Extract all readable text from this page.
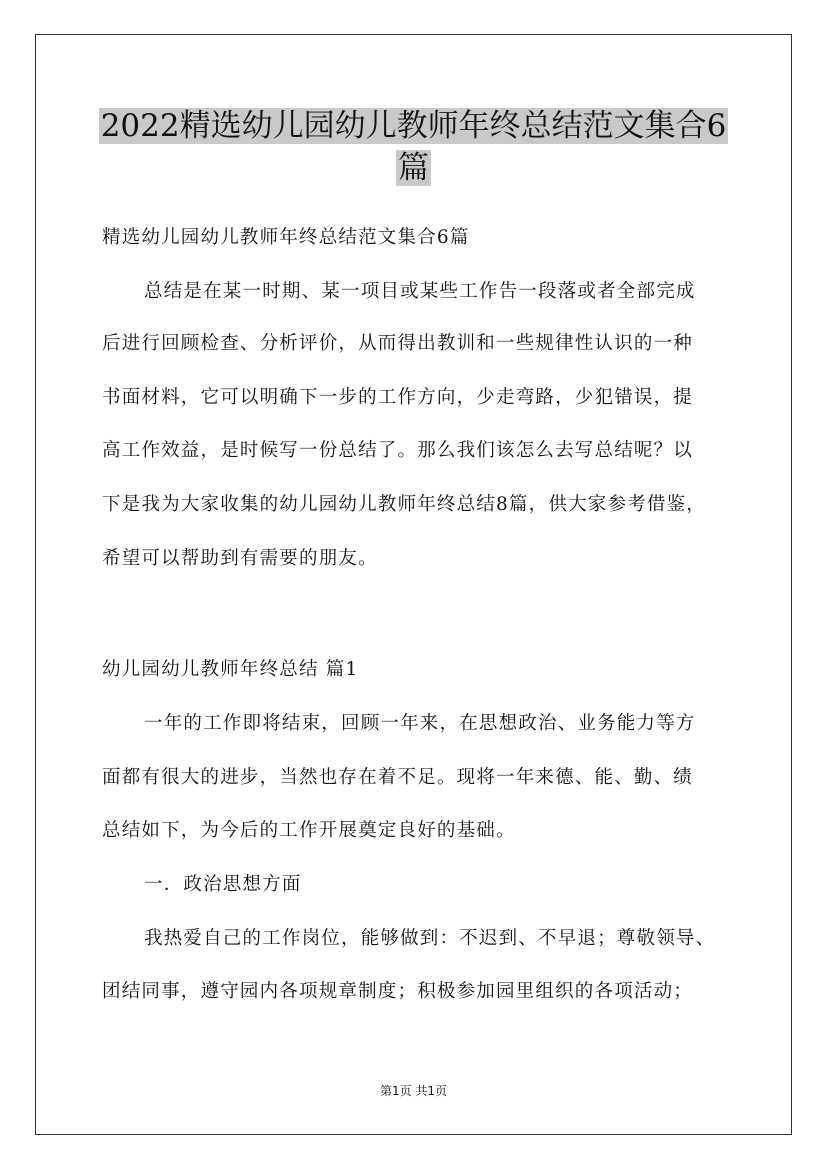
2022精选幼儿园幼儿教师年终总结范文集合6
篇
精选幼儿园幼儿教师年终总结范文集合6篇
总结是在某一时期、某一项目或某些工作告一段落或者全部完成
后进行回顾检查、分析评价，从而得出教训和一些规律性认识的一种
书面材料，它可以明确下一步的工作方向，少走弯路，少犯错误，提
高工作效益，是时候写一份总结了。那么我们该怎么去写总结呢？以
下是我为大家收集的幼儿园幼儿教师年终总结8篇，供大家参考借鉴，
希望可以帮助到有需要的朋友。
幼儿园幼儿教师年终总结 篇1
一年的工作即将结束，回顾一年来，在思想政治、业务能力等方
面都有很大的进步，当然也存在着不足。现将一年来德、能、勤、绩
总结如下，为今后的工作开展奠定良好的基础。
一．政治思想方面
我热爱自己的工作岗位，能够做到：不迟到、不早退；尊敬领导、
团结同事，遵守园内各项规章制度；积极参加园里组织的各项活动；
第1页 共1页
